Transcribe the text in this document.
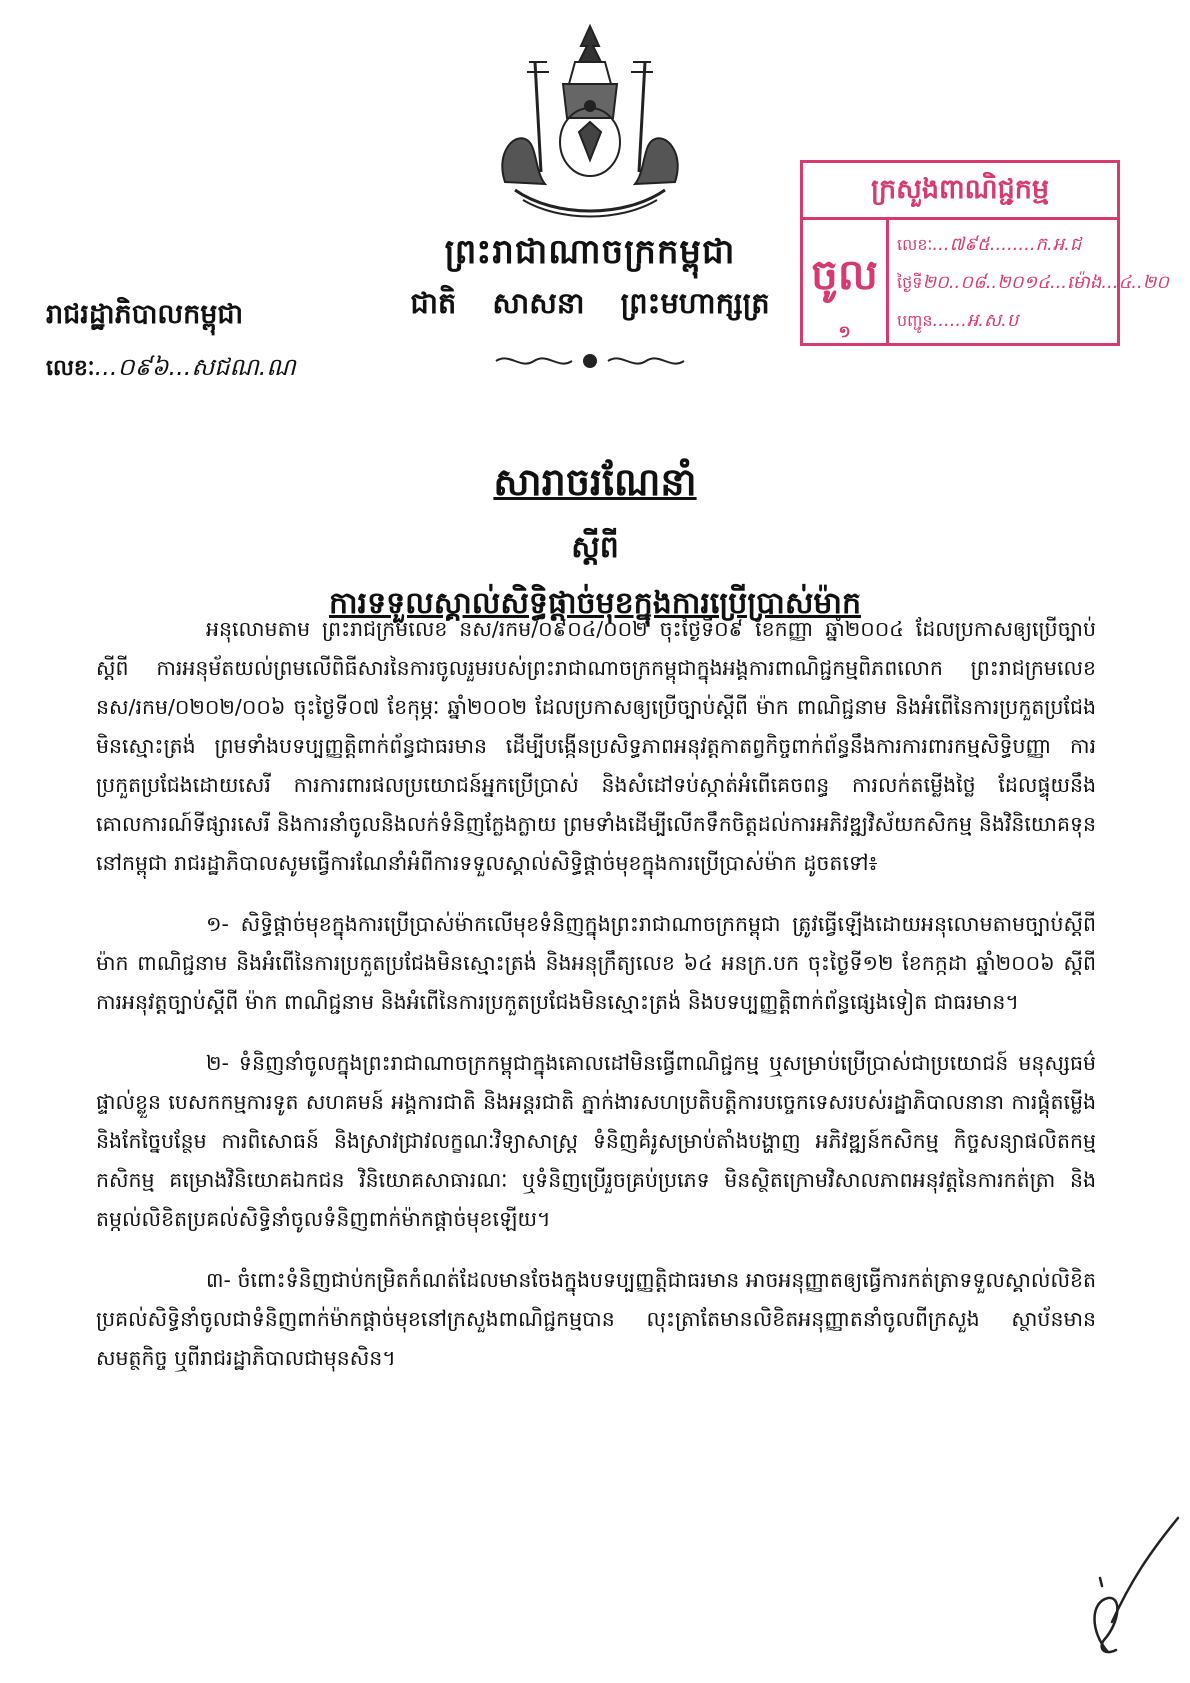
ព្រះរាជាណាចក្រកម្ពុជា
ជាតិ សាសនា ព្រះមហាក្សត្រ
រាជរដ្ឋាភិបាលកម្ពុជា
លេខៈ...០៩៦...សជណ.ណ
ក្រសួងពាណិជ្ជកម្ម
ចូល
១
លេខៈ...៧៩៥........ក.អ.ជ
ថ្ងៃទី២០..០៨..២០១៤...ម៉ោង...៤..២០
បញ្ជូន......អ.ស.ប
សារាចរណែនាំ
ស្តីពី
ការទទួលស្គាល់សិទ្ធិផ្តាច់មុខក្នុងការប្រើប្រាស់ម៉ាក

អនុលោមតាម ព្រះរាជក្រមលេខ នស/រកម/០៩០៤/០០២ ចុះថ្ងៃទី០៩ ខែកញ្ញា ឆ្នាំ២០០៤ ដែលប្រកាសឲ្យប្រើច្បាប់ស្តីពី ការអនុម័តយល់ព្រមលើពិធីសារនៃការចូលរួមរបស់ព្រះរាជាណាចក្រកម្ពុជាក្នុងអង្គការពាណិជ្ជកម្មពិភពលោក ព្រះរាជក្រមលេខ នស/រកម/០២០២/០០៦ ចុះថ្ងៃទី០៧ ខែកុម្ភៈ ឆ្នាំ២០០២ ដែលប្រកាសឲ្យប្រើច្បាប់ស្តីពី ម៉ាក ពាណិជ្ជនាម និងអំពើនៃការប្រកួតប្រជែងមិនស្មោះត្រង់ ព្រមទាំងបទប្បញ្ញត្តិពាក់ព័ន្ធជាធរមាន ដើម្បីបង្កើនប្រសិទ្ធភាពអនុវត្តកាតព្វកិច្ចពាក់ព័ន្ធនឹងការការពារកម្មសិទ្ធិបញ្ញា ការប្រកួតប្រជែងដោយសេរី ការការពារផលប្រយោជន៍អ្នកប្រើប្រាស់ និងសំដៅទប់ស្កាត់អំពើគេចពន្ធ ការលក់តម្លើងថ្លៃ ដែលផ្ទុយនឹងគោលការណ៍ទីផ្សារសេរី និងការនាំចូលនិងលក់ទំនិញក្លែងក្លាយ ព្រមទាំងដើម្បីលើកទឹកចិត្តដល់ការអភិវឌ្ឍវិស័យកសិកម្ម និងវិនិយោគទុននៅកម្ពុជា រាជរដ្ឋាភិបាលសូមធ្វើការណែនាំអំពីការទទួលស្គាល់សិទ្ធិផ្តាច់មុខក្នុងការប្រើប្រាស់ម៉ាក ដូចតទៅ៖

១- សិទ្ធិផ្តាច់មុខក្នុងការប្រើប្រាស់ម៉ាកលើមុខទំនិញក្នុងព្រះរាជាណាចក្រកម្ពុជា ត្រូវធ្វើឡើងដោយអនុលោមតាមច្បាប់ស្តីពី ម៉ាក ពាណិជ្ជនាម និងអំពើនៃការប្រកួតប្រជែងមិនស្មោះត្រង់ និងអនុក្រឹត្យលេខ ៦៤ អនក្រ.បក ចុះថ្ងៃទី១២ ខែកក្កដា ឆ្នាំ២០០៦ ស្តីពី ការអនុវត្តច្បាប់ស្តីពី ម៉ាក ពាណិជ្ជនាម និងអំពើនៃការប្រកួតប្រជែងមិនស្មោះត្រង់ និងបទប្បញ្ញត្តិពាក់ព័ន្ធផ្សេងទៀត ជាធរមាន។

២- ទំនិញនាំចូលក្នុងព្រះរាជាណាចក្រកម្ពុជាក្នុងគោលដៅមិនធ្វើពាណិជ្ជកម្ម ឬសម្រាប់ប្រើប្រាស់ជាប្រយោជន៍ មនុស្សធម៌ ផ្ទាល់ខ្លួន បេសកកម្មការទូត សហគមន៍ អង្គការជាតិ និងអន្តរជាតិ ភ្នាក់ងារសហប្រតិបត្តិការបច្ចេកទេសរបស់រដ្ឋាភិបាលនានា ការផ្គុំតម្លើង និងកែច្នៃបន្ថែម ការពិសោធន៍ និងស្រាវជ្រាវលក្ខណៈវិទ្យាសាស្ត្រ ទំនិញគំរូសម្រាប់តាំងបង្ហាញ អភិវឌ្ឍន៍កសិកម្ម កិច្ចសន្យាផលិតកម្មកសិកម្ម គម្រោងវិនិយោគឯកជន វិនិយោគសាធារណៈ ឬទំនិញប្រើរួចគ្រប់ប្រភេទ មិនស្ថិតក្រោមវិសាលភាពអនុវត្តនៃការកត់ត្រា និងតម្កល់លិខិតប្រគល់សិទ្ធិនាំចូលទំនិញពាក់ម៉ាកផ្តាច់មុខឡើយ។

៣- ចំពោះទំនិញជាប់កម្រិតកំណត់ដែលមានចែងក្នុងបទប្បញ្ញត្តិជាធរមាន អាចអនុញ្ញាតឲ្យធ្វើការកត់ត្រាទទួលស្គាល់លិខិតប្រគល់សិទ្ធិនាំចូលជាទំនិញពាក់ម៉ាកផ្តាច់មុខនៅក្រសួងពាណិជ្ជកម្មបាន លុះត្រាតែមានលិខិតអនុញ្ញាតនាំចូលពីក្រសួង ស្ថាប័នមានសមត្ថកិច្ច ឬពីរាជរដ្ឋាភិបាលជាមុនសិន។
